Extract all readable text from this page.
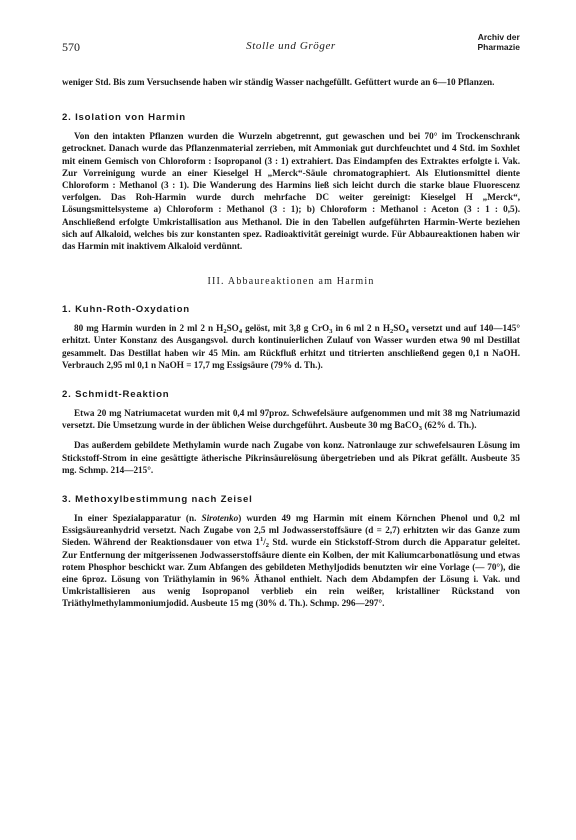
570	Stolle und Gröger
Archiv der
Pharmazie

weniger Std. Bis zum Versuchsende haben wir ständig Wasser nachgefüllt. Gefüttert wurde an 6—10 Pflanzen.

2. Isolation von Harmin

Von den intakten Pflanzen wurden die Wurzeln abgetrennt, gut gewaschen und bei 70° im Trockenschrank getrocknet. Danach wurde das Pflanzenmaterial zerrieben, mit Ammoniak gut durchfeuchtet und 4 Std. im Soxhlet mit einem Gemisch von Chloroform : Isopropanol (3 : 1) extrahiert. Das Eindampfen des Extraktes erfolgte i. Vak. Zur Vorreinigung wurde an einer Kieselgel H „Merck“-Säule chromatographiert. Als Elutionsmittel diente Chloroform : Methanol (3 : 1). Die Wanderung des Harmins ließ sich leicht durch die starke blaue Fluorescenz verfolgen. Das Roh-Harmin wurde durch mehrfache DC weiter gereinigt: Kieselgel H „Merck“, Lösungsmittelsysteme a) Chloroform : Methanol (3 : 1); b) Chloroform : Methanol : Aceton (3 : 1 : 0,5). Anschließend erfolgte Umkristallisation aus Methanol. Die in den Tabellen aufgeführten Harmin-Werte beziehen sich auf Alkaloid, welches bis zur konstanten spez. Radioaktivität gereinigt wurde. Für Abbaureaktionen haben wir das Harmin mit inaktivem Alkaloid verdünnt.

III. Abbaureaktionen am Harmin
1. Kuhn-Roth-Oxydation

80 mg Harmin wurden in 2 ml 2 n $H_2SO_4$ gelöst, mit 3,8 g CrO$_3$ in 6 ml 2 n $H_2SO_4$ versetzt und auf 140—145° erhitzt. Unter Konstanz des Ausgangsvol. durch kontinuierlichen Zulauf von Wasser wurden etwa 90 ml Destillat gesammelt. Das Destillat haben wir 45 Min. am Rückfluß erhitzt und titrierten anschließend gegen 0,1 n NaOH. Verbrauch 2,95 ml 0,1 n NaOH = 17,7 mg Essigsäure (79% d. Th.).

2. Schmidt-Reaktion

Etwa 20 mg Natriumacetat wurden mit 0,4 ml 97proz. Schwefelsäure aufgenommen und mit 38 mg Natriumazid versetzt. Die Umsetzung wurde in der üblichen Weise durchgeführt. Ausbeute 30 mg BaCO$_3$ (62% d. Th.).

Das außerdem gebildete Methylamin wurde nach Zugabe von konz. Natronlauge zur schwefelsauren Lösung im Stickstoff-Strom in eine gesättigte ätherische Pikrinsäurelösung übergetrieben und als Pikrat gefällt. Ausbeute 35 mg. Schmp. 214—215°.

3. Methoxylbestimmung nach Zeisel

In einer Spezialapparatur (n. Sirotenko) wurden 49 mg Harmin mit einem Körnchen Phenol und 0,2 ml Essigsäureanhydrid versetzt. Nach Zugabe von 2,5 ml Jodwasserstoffsäure (d = 2,7) erhitzten wir das Ganze zum Sieden. Während der Reaktionsdauer von etwa $1^1/_2$ Std. wurde ein Stickstoff-Strom durch die Apparatur geleitet. Zur Entfernung der mitgerissenen Jodwasserstoffsäure diente ein Kolben, der mit Kaliumcarbonatlösung und etwas rotem Phosphor beschickt war. Zum Abfangen des gebildeten Methyljodids benutzten wir eine Vorlage (— 70°), die eine 6proz. Lösung von Triäthylamin in 96% Äthanol enthielt. Nach dem Abdampfen der Lösung i. Vak. und Umkristallisieren aus wenig Isopropanol verblieb ein rein weißer, kristalliner Rückstand von Triäthylmethylammoniumjodid. Ausbeute 15 mg (30% d. Th.). Schmp. 296—297°.
